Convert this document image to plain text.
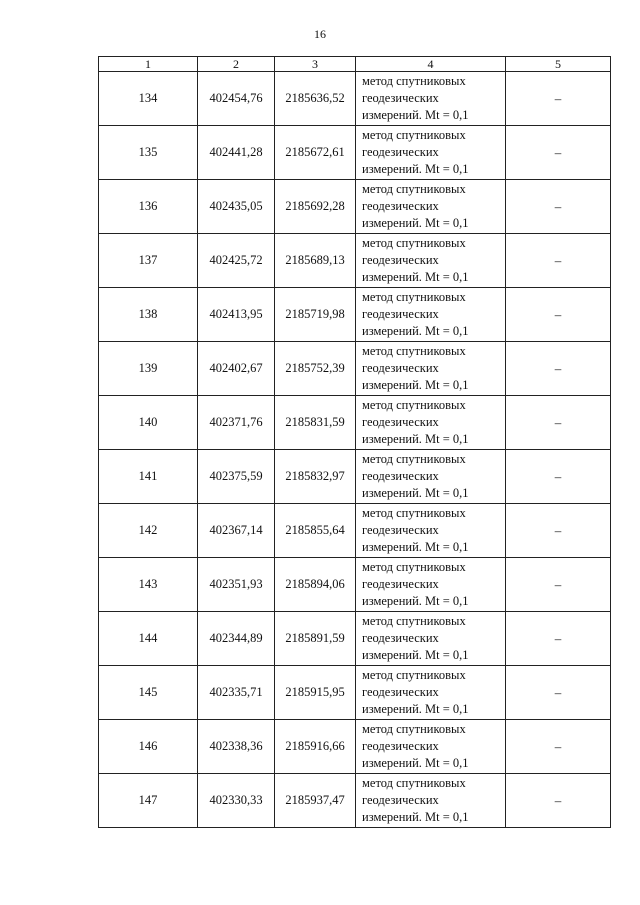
16
1	2	3	4	5
134	402454,76	2185636,52	метод спутниковых
геодезических
измерений. Mt = 0,1	–
135	402441,28	2185672,61	метод спутниковых
геодезических
измерений. Mt = 0,1	–
136	402435,05	2185692,28	метод спутниковых
геодезических
измерений. Mt = 0,1	–
137	402425,72	2185689,13	метод спутниковых
геодезических
измерений. Mt = 0,1	–
138	402413,95	2185719,98	метод спутниковых
геодезических
измерений. Mt = 0,1	–
139	402402,67	2185752,39	метод спутниковых
геодезических
измерений. Mt = 0,1	–
140	402371,76	2185831,59	метод спутниковых
геодезических
измерений. Mt = 0,1	–
141	402375,59	2185832,97	метод спутниковых
геодезических
измерений. Mt = 0,1	–
142	402367,14	2185855,64	метод спутниковых
геодезических
измерений. Mt = 0,1	–
143	402351,93	2185894,06	метод спутниковых
геодезических
измерений. Mt = 0,1	–
144	402344,89	2185891,59	метод спутниковых
геодезических
измерений. Mt = 0,1	–
145	402335,71	2185915,95	метод спутниковых
геодезических
измерений. Mt = 0,1	–
146	402338,36	2185916,66	метод спутниковых
геодезических
измерений. Mt = 0,1	–
147	402330,33	2185937,47	метод спутниковых
геодезических
измерений. Mt = 0,1	–
